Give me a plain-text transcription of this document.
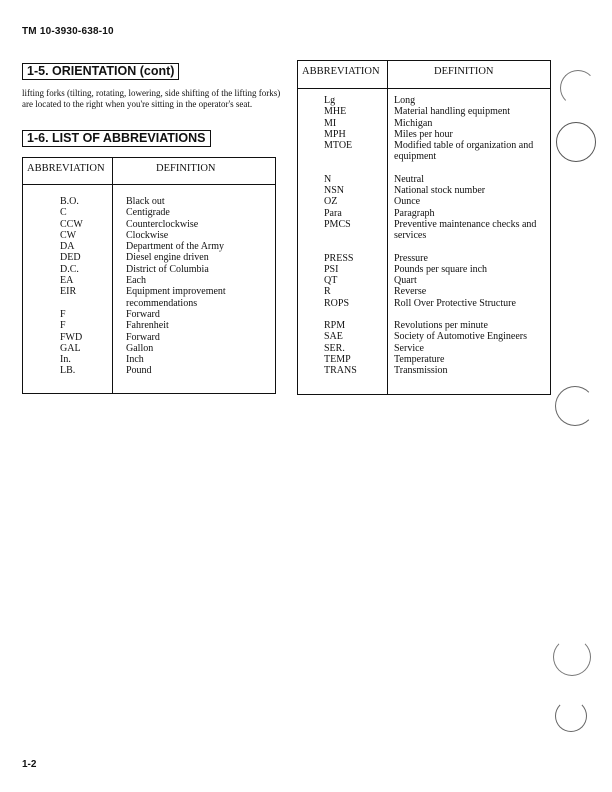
TM 10-3930-638-10
1-5. ORIENTATION (cont)
lifting forks (tilting, rotating, lowering, side shifting of the lifting forks) are located to the right when you're sitting in the operator's seat.
1-6. LIST OF ABBREVIATIONS
ABBREVIATION	DEFINITION
B.O.	Black out
C	Centigrade
CCW	Counterclockwise
CW	Clockwise
DA	Department of the Army
DED	Diesel engine driven
D.C.	District of Columbia
EA	Each
EIR	Equipment improvement recommendations
F	Forward
F	Fahrenheit
FWD	Forward
GAL	Gallon
In.	Inch
LB.	Pound
ABBREVIATION	DEFINITION
Lg	Long
MHE	Material handling equipment
MI	Michigan
MPH	Miles per hour
MTOE	Modified table of organization and equipment
N	Neutral
NSN	National stock number
OZ	Ounce
Para	Paragraph
PMCS	Preventive maintenance checks and services
PRESS	Pressure
PSI	Pounds per square inch
QT	Quart
R	Reverse
ROPS	Roll Over Protective Structure
RPM	Revolutions per minute
SAE	Society of Automotive Engineers
SER.	Service
TEMP	Temperature
TRANS	Transmission
1-2
